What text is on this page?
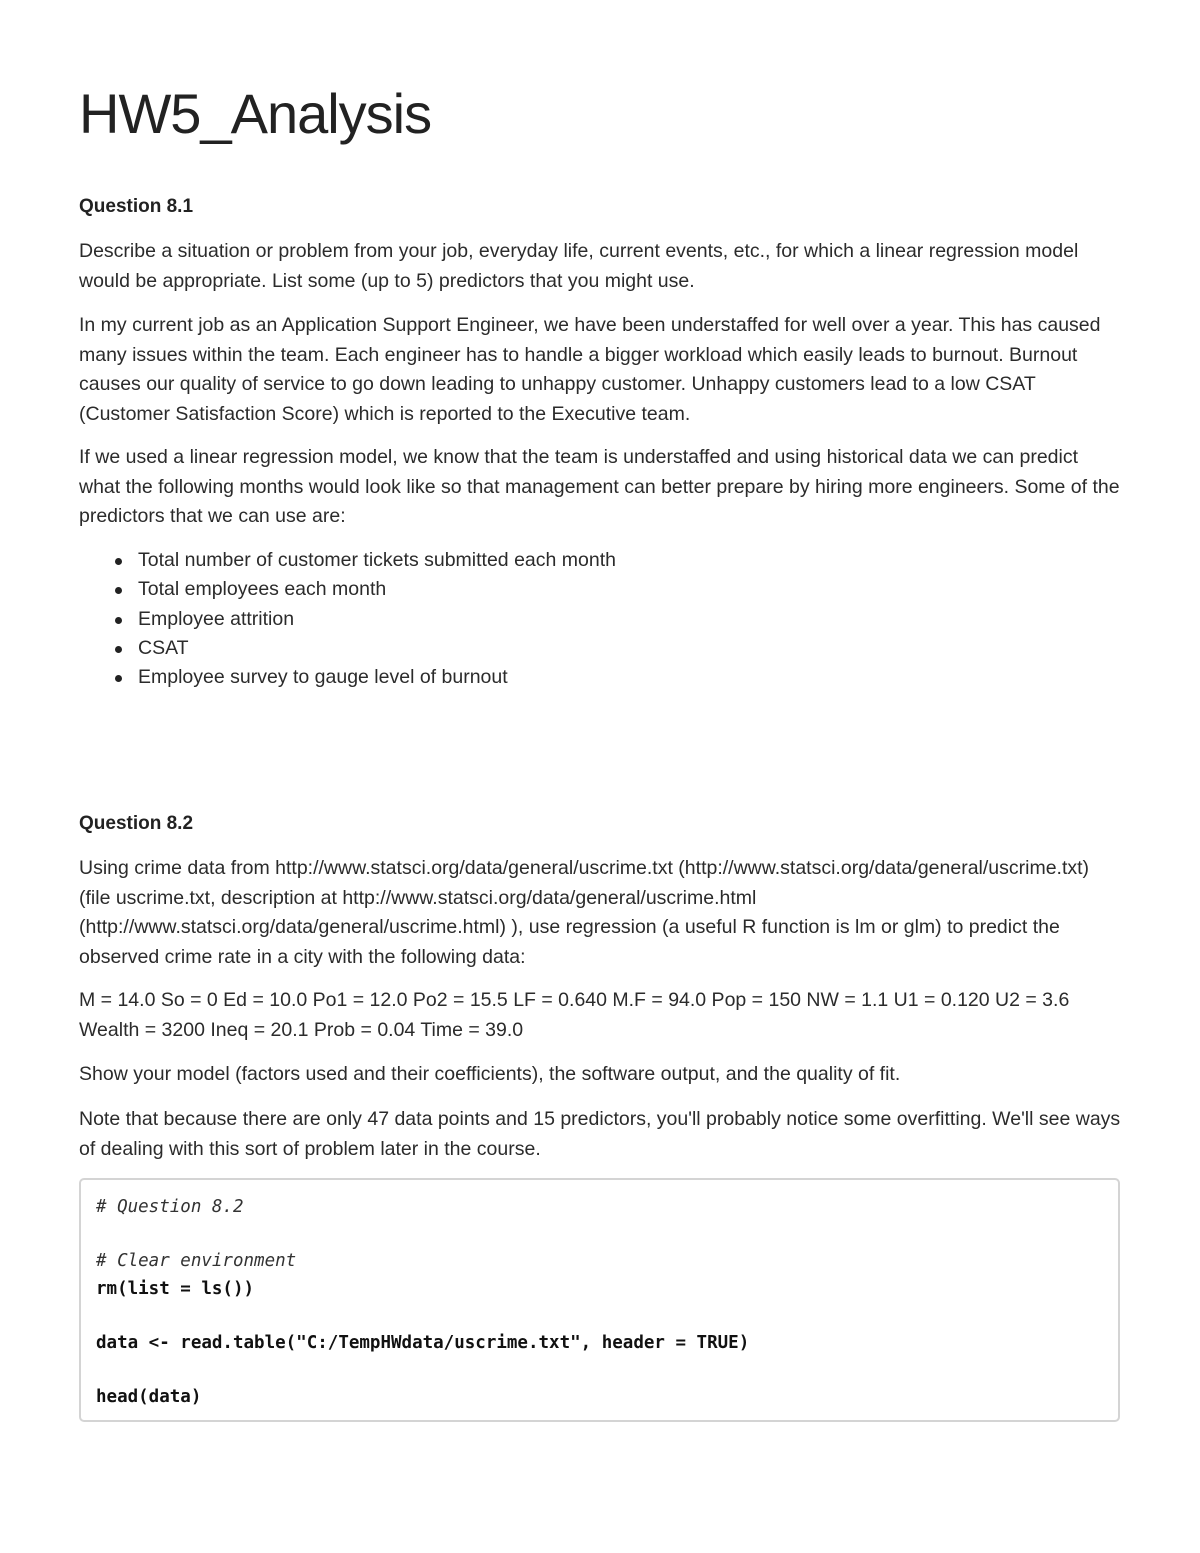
HW5_Analysis
Question 8.1

Describe a situation or problem from your job, everyday life, current events, etc., for which a linear regression model would be appropriate. List some (up to 5) predictors that you might use.

In my current job as an Application Support Engineer, we have been understaffed for well over a year. This has caused many issues within the team. Each engineer has to handle a bigger workload which easily leads to burnout. Burnout causes our quality of service to go down leading to unhappy customer. Unhappy customers lead to a low CSAT (Customer Satisfaction Score) which is reported to the Executive team.

If we used a linear regression model, we know that the team is understaffed and using historical data we can predict what the following months would look like so that management can better prepare by hiring more engineers. Some of the predictors that we can use are:

Total number of customer tickets submitted each month
Total employees each month
Employee attrition
CSAT
Employee survey to gauge level of burnout
Question 8.2

Using crime data from http://www.statsci.org/data/general/uscrime.txt (http://www.statsci.org/data/general/uscrime.txt) (file uscrime.txt, description at http://www.statsci.org/data/general/uscrime.html (http://www.statsci.org/data/general/uscrime.html) ), use regression (a useful R function is lm or glm) to predict the observed crime rate in a city with the following data:

M = 14.0 So = 0 Ed = 10.0 Po1 = 12.0 Po2 = 15.5 LF = 0.640 M.F = 94.0 Pop = 150 NW = 1.1 U1 = 0.120 U2 = 3.6 Wealth = 3200 Ineq = 20.1 Prob = 0.04 Time = 39.0

Show your model (factors used and their coefficients), the software output, and the quality of fit.

Note that because there are only 47 data points and 15 predictors, you'll probably notice some overfitting. We'll see ways of dealing with this sort of problem later in the course.

# Question 8.2
# Clear environment
rm(list = ls())
data <- read.table("C:/TempHWdata/uscrime.txt", header = TRUE)
head(data)
